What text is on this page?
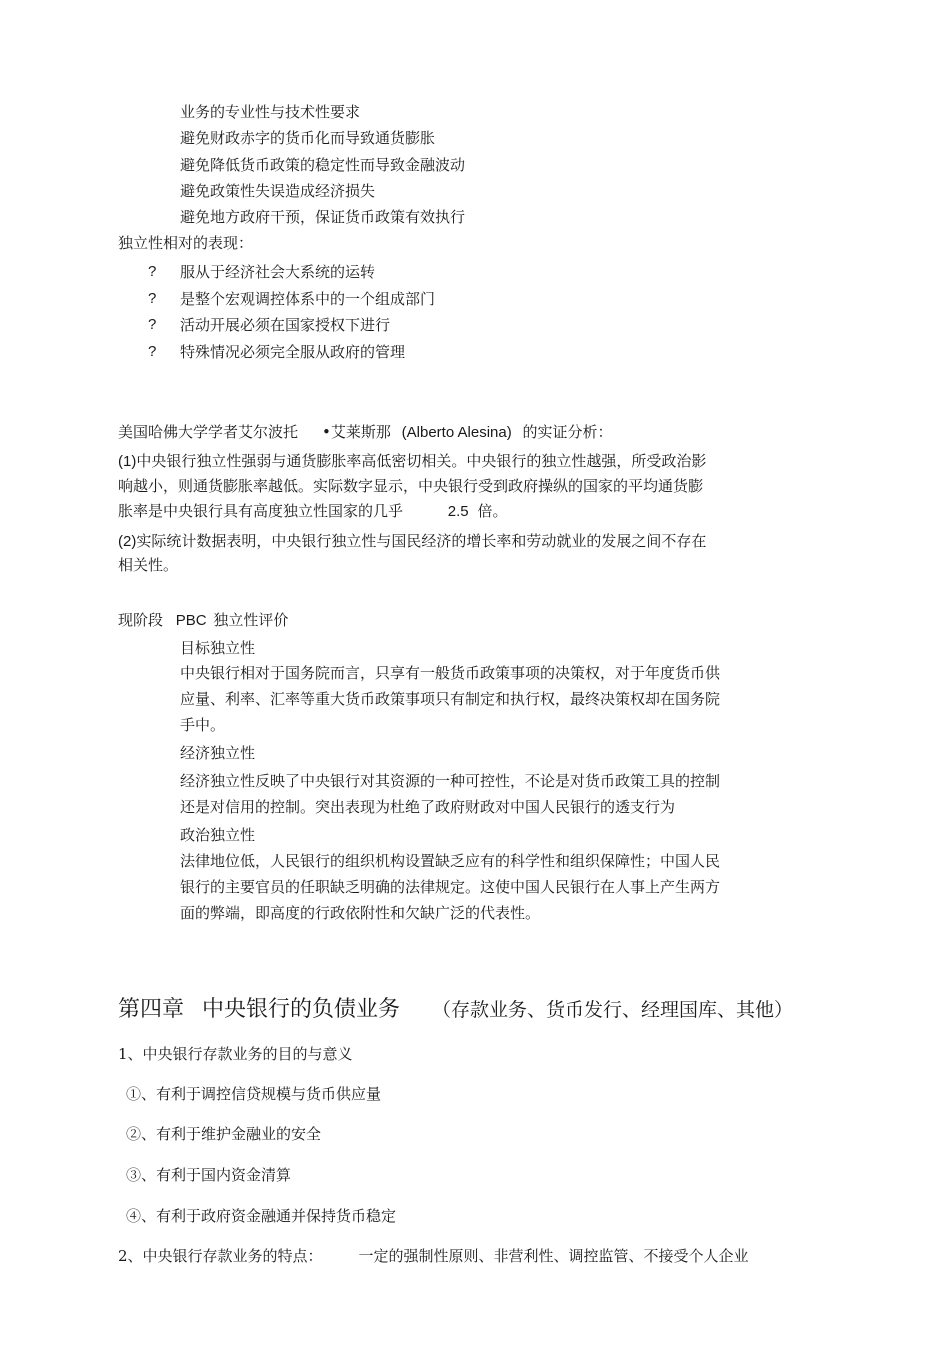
业务的专业性与技术性要求
避免财政赤字的货币化而导致通货膨胀
避免降低货币政策的稳定性而导致金融波动
避免政策性失误造成经济损失
避免地方政府干预，保证货币政策有效执行
独立性相对的表现：
? 服从于经济社会大系统的运转
? 是整个宏观调控体系中的一个组成部门
? 活动开展必须在国家授权下进行
? 特殊情况必须完全服从政府的管理
美国哈佛大学学者艾尔波托 •艾莱斯那 (Alberto Alesina) 的实证分析：
(1)中央银行独立性强弱与通货膨胀率高低密切相关。中央银行的独立性越强，所受政治影
响越小，则通货膨胀率越低。实际数字显示，中央银行受到政府操纵的国家的平均通货膨
胀率是中央银行具有高度独立性国家的几乎	2.5 倍。
(2)实际统计数据表明，中央银行独立性与国民经济的增长率和劳动就业的发展之间不存在
相关性。
现阶段 PBC 独立性评价
目标独立性
中央银行相对于国务院而言，只享有一般货币政策事项的决策权，对于年度货币供
应量、利率、汇率等重大货币政策事项只有制定和执行权，最终决策权却在国务院
手中。
经济独立性
经济独立性反映了中央银行对其资源的一种可控性，不论是对货币政策工具的控制
还是对信用的控制。突出表现为杜绝了政府财政对中国人民银行的透支行为
政治独立性
法律地位低，人民银行的组织机构设置缺乏应有的科学性和组织保障性；中国人民
银行的主要官员的任职缺乏明确的法律规定。这使中国人民银行在人事上产生两方
面的弊端，即高度的行政依附性和欠缺广泛的代表性。
第四章 中央银行的负债业务 （存款业务、货币发行、经理国库、其他）
1、中央银行存款业务的目的与意义
①、有利于调控信贷规模与货币供应量
②、有利于维护金融业的安全
③、有利于国内资金清算
④、有利于政府资金融通并保持货币稳定
2、中央银行存款业务的特点： 一定的强制性原则、非营利性、调控监管、不接受个人企业
